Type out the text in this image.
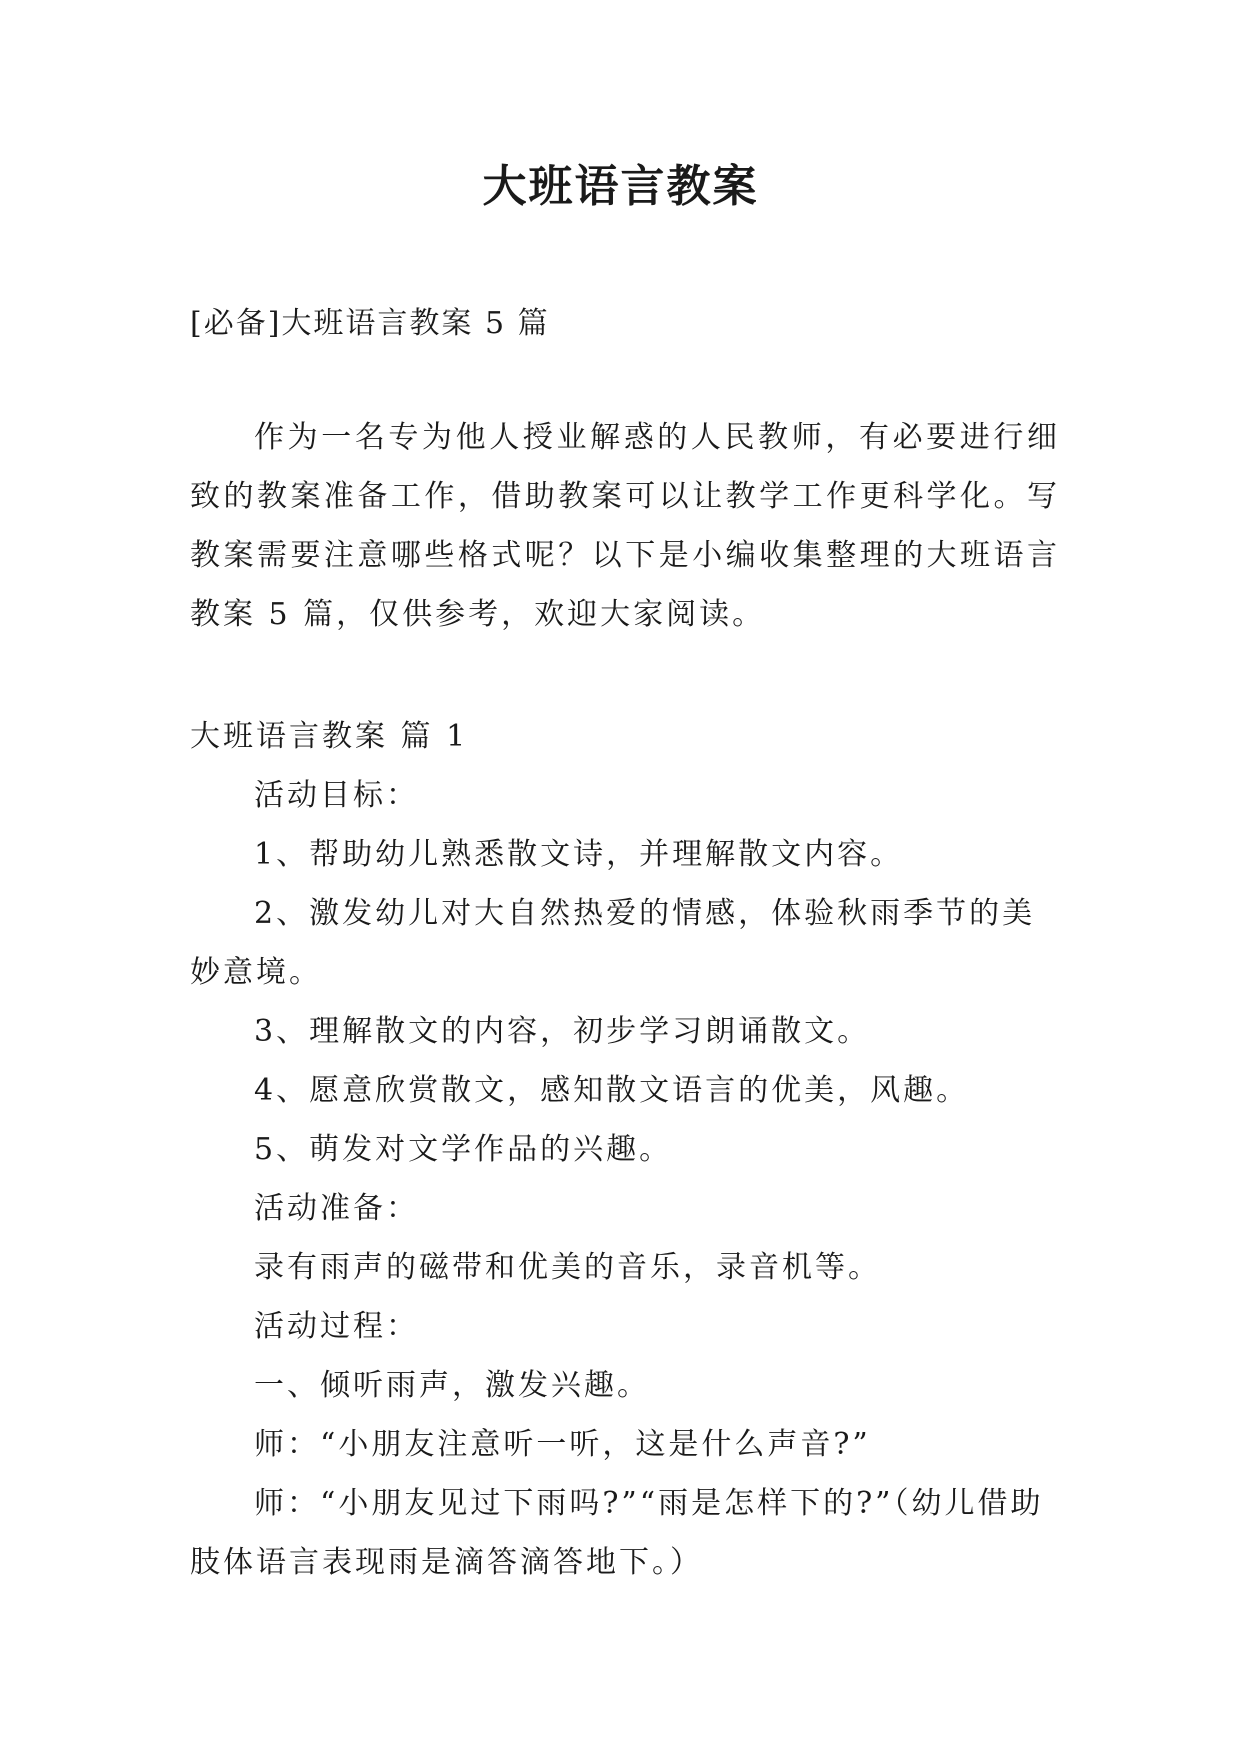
大班语言教案
[必备]大班语言教案 5 篇
作为一名专为他人授业解惑的人民教师，有必要进行细致的教案准备工作，借助教案可以让教学工作更科学化。写教案需要注意哪些格式呢？以下是小编收集整理的大班语言教案 5 篇，仅供参考，欢迎大家阅读。

大班语言教案 篇 1

活动目标：

1、帮助幼儿熟悉散文诗，并理解散文内容。

2、激发幼儿对大自然热爱的情感，体验秋雨季节的美妙意境。

3、理解散文的内容，初步学习朗诵散文。

4、愿意欣赏散文，感知散文语言的优美，风趣。

5、萌发对文学作品的兴趣。

活动准备：

录有雨声的磁带和优美的音乐，录音机等。

活动过程：

一、倾听雨声，激发兴趣。

师：“小朋友注意听一听，这是什么声音?”

师：“小朋友见过下雨吗?”“雨是怎样下的?”（幼儿借助肢体语言表现雨是滴答滴答地下。）
